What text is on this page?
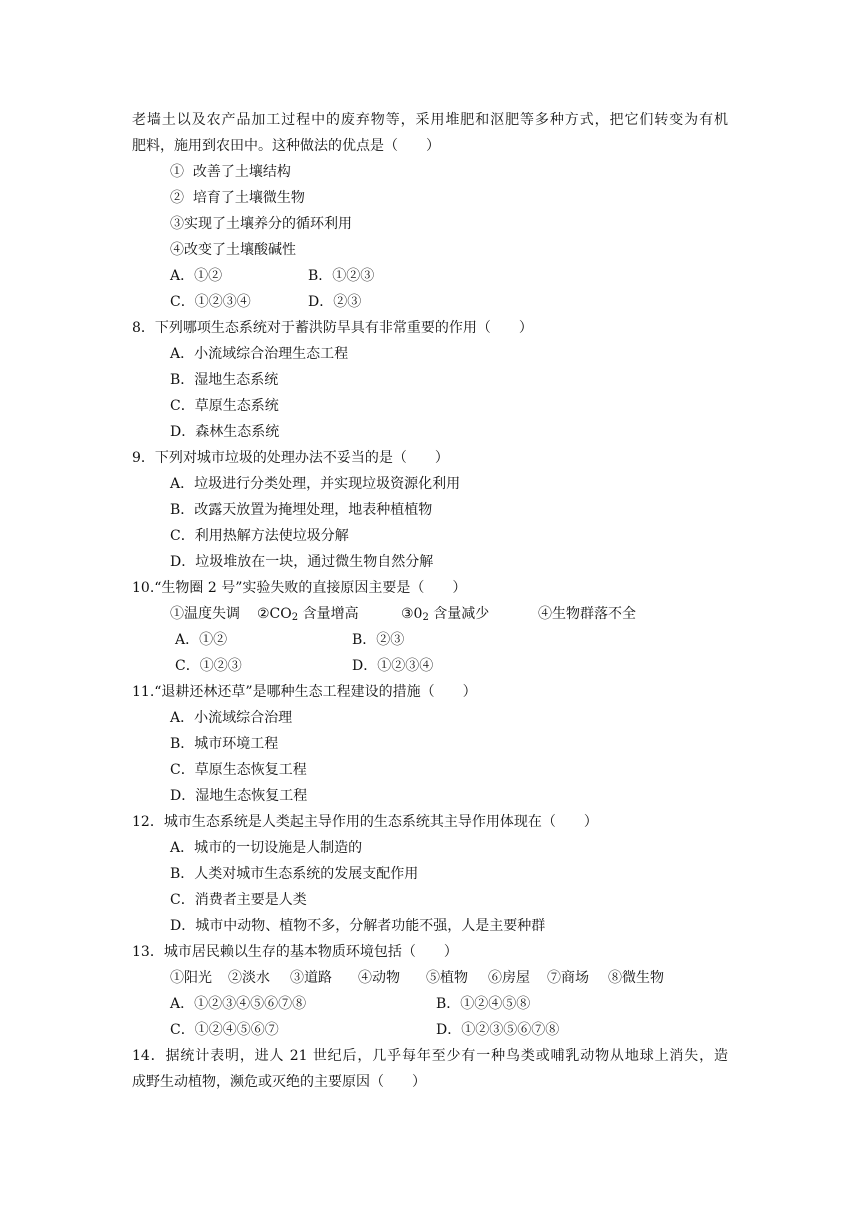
老墙土以及农产品加工过程中的废弃物等，采用堆肥和沤肥等多种方式，把它们转变为有机
肥料，施用到农田中。这种做法的优点是（　　）
①  改善了土壤结构
②  培育了土壤微生物
③实现了土壤养分的循环利用
④改变了土壤酸碱性
A．①②	B．①②③
C．①②③④	D．②③
8．下列哪项生态系统对于蓄洪防旱具有非常重要的作用（　　）
A．小流域综合治理生态工程
B．湿地生态系统
C．草原生态系统
D．森林生态系统
9．下列对城市垃圾的处理办法不妥当的是（　　）
A．垃圾进行分类处理，并实现垃圾资源化利用
B．改露天放置为掩埋处理，地表种植植物
C．利用热解方法使垃圾分解
D．垃圾堆放在一块，通过微生物自然分解
10.“生物圈 2 号”实验失败的直接原因主要是（　　）
①温度失调 $②CO_2$ 含量增高	$③0_2$ 含量减少	④生物群落不全
A．①②	B．②③
C．①②③	D．①②③④
11.“退耕还林还草”是哪种生态工程建设的措施（　　）
A．小流域综合治理
B．城市环境工程
C．草原生态恢复工程
D．湿地生态恢复工程
12．城市生态系统是人类起主导作用的生态系统其主导作用体现在（　　）
A．城市的一切设施是人制造的
B．人类对城市生态系统的发展支配作用
C．消费者主要是人类
D．城市中动物、植物不多，分解者功能不强，人是主要种群
13．城市居民赖以生存的基本物质环境包括（　　）
①阳光 ②淡水 ③道路 ④动物 ⑤植物 ⑥房屋 ⑦商场 ⑧微生物
A．①②③④⑤⑥⑦⑧	B．①②④⑤⑧
C．①②④⑤⑥⑦	D．①②③⑤⑥⑦⑧
14．据统计表明，进人 21 世纪后，几乎每年至少有一种鸟类或哺乳动物从地球上消失，造
成野生动植物，濒危或灭绝的主要原因（　　）
